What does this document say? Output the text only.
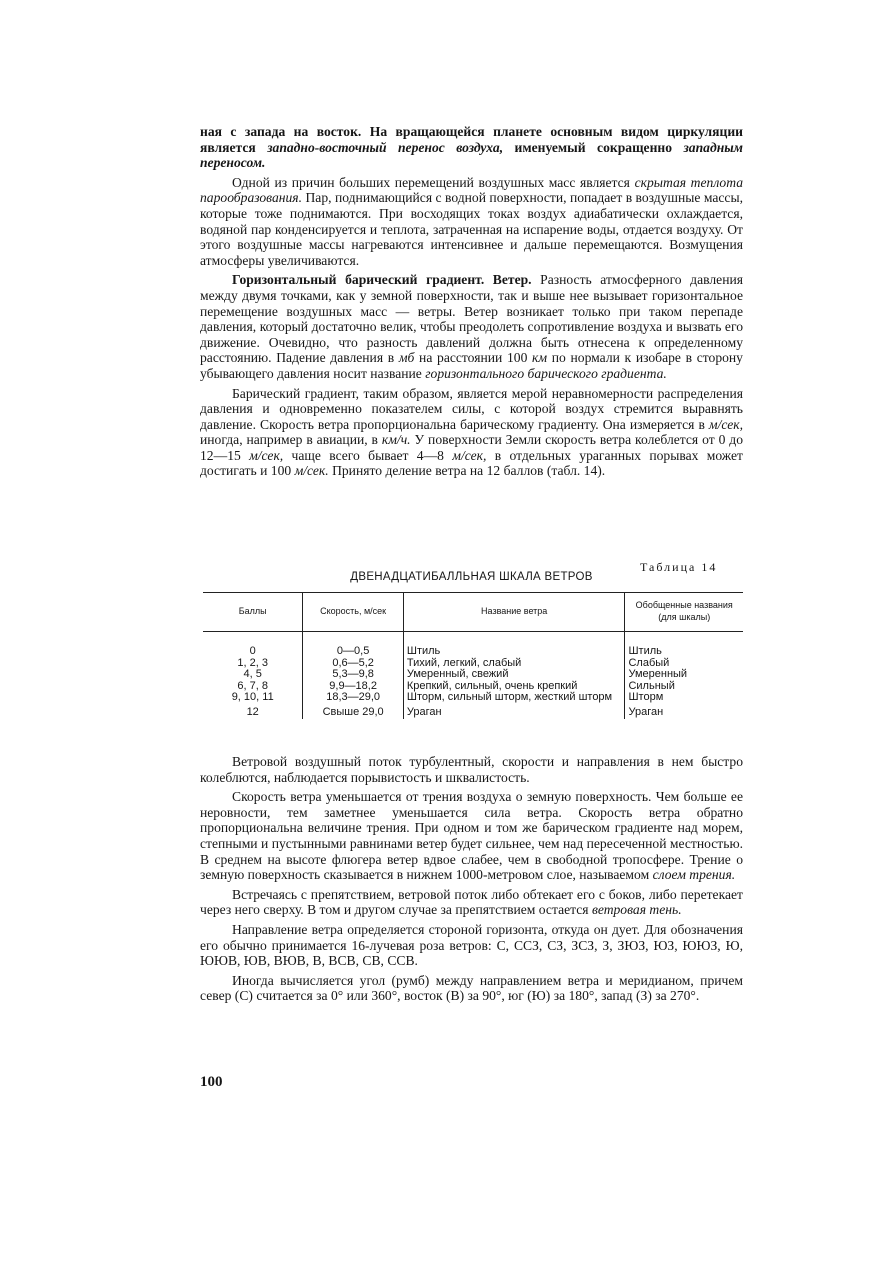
ная с запада на восток. На вращающейся планете основным видом циркуляции является западно-восточный перенос воздуха, именуемый сокращенно западным переносом.

Одной из причин больших перемещений воздушных масс является скрытая теплота парообразования. Пар, поднимающийся с водной поверхности, попадает в воздушные массы, которые тоже поднимаются. При восходящих токах воздух адиабатически охлаждается, водяной пар конденсируется и теплота, затраченная на испарение воды, отдается воздуху. От этого воздушные массы нагреваются интенсивнее и дальше перемещаются. Возмущения атмосферы увеличиваются.

Горизонтальный барический градиент. Ветер. Разность атмосферного давления между двумя точками, как у земной поверхности, так и выше нее вызывает горизонтальное перемещение воздушных масс — ветры. Ветер возникает только при таком перепаде давления, который достаточно велик, чтобы преодолеть сопротивление воздуха и вызвать его движение. Очевидно, что разность давлений должна быть отнесена к определенному расстоянию. Падение давления в мб на расстоянии 100 км по нормали к изобаре в сторону убывающего давления носит название горизонтального барического градиента.

Барический градиент, таким образом, является мерой неравномерности распределения давления и одновременно показателем силы, с которой воздух стремится выравнять давление. Скорость ветра пропорциональна барическому градиенту. Она измеряется в м/сек, иногда, например в авиации, в км/ч. У поверхности Земли скорость ветра колеблется от 0 до 12—15 м/сек, чаще всего бывает 4—8 м/сек, в отдельных ураганных порывах может достигать и 100 м/сек. Принято деление ветра на 12 баллов (табл. 14).

Таблица 14
ДВЕНАДЦАТИБАЛЛЬНАЯ ШКАЛА ВЕТРОВ
Баллы	Скорость, м/сек	Название ветра	Обобщенные названия (для шкалы)
0	0—0,5	Штиль	Штиль
1, 2, 3	0,6—5,2	Тихий, легкий, слабый	Слабый
4, 5	5,3—9,8	Умеренный, свежий	Умеренный
6, 7, 8	9,9—18,2	Крепкий, сильный, очень крепкий	Сильный
9, 10, 11	18,3—29,0	Шторм, сильный шторм, жесткий шторм	Шторм
12	Свыше 29,0	Ураган	Ураган

Ветровой воздушный поток турбулентный, скорости и направления в нем быстро колеблются, наблюдается порывистость и шквалистость.

Скорость ветра уменьшается от трения воздуха о земную поверхность. Чем больше ее неровности, тем заметнее уменьшается сила ветра. Скорость ветра обратно пропорциональна величине трения. При одном и том же барическом градиенте над морем, степными и пустынными равнинами ветер будет сильнее, чем над пересеченной местностью. В среднем на высоте флюгера ветер вдвое слабее, чем в свободной тропосфере. Трение о земную поверхность сказывается в нижнем 1000-метровом слое, называемом слоем трения.

Встречаясь с препятствием, ветровой поток либо обтекает его с боков, либо перетекает через него сверху. В том и другом случае за препятствием остается ветровая тень.

Направление ветра определяется стороной горизонта, откуда он дует. Для обозначения его обычно принимается 16-лучевая роза ветров: С, ССЗ, СЗ, ЗСЗ, З, ЗЮЗ, ЮЗ, ЮЮЗ, Ю, ЮЮВ, ЮВ, ВЮВ, В, ВСВ, СВ, ССВ.

Иногда вычисляется угол (румб) между направлением ветра и меридианом, причем север (С) считается за 0° или 360°, восток (В) за 90°, юг (Ю) за 180°, запад (З) за 270°.

100
